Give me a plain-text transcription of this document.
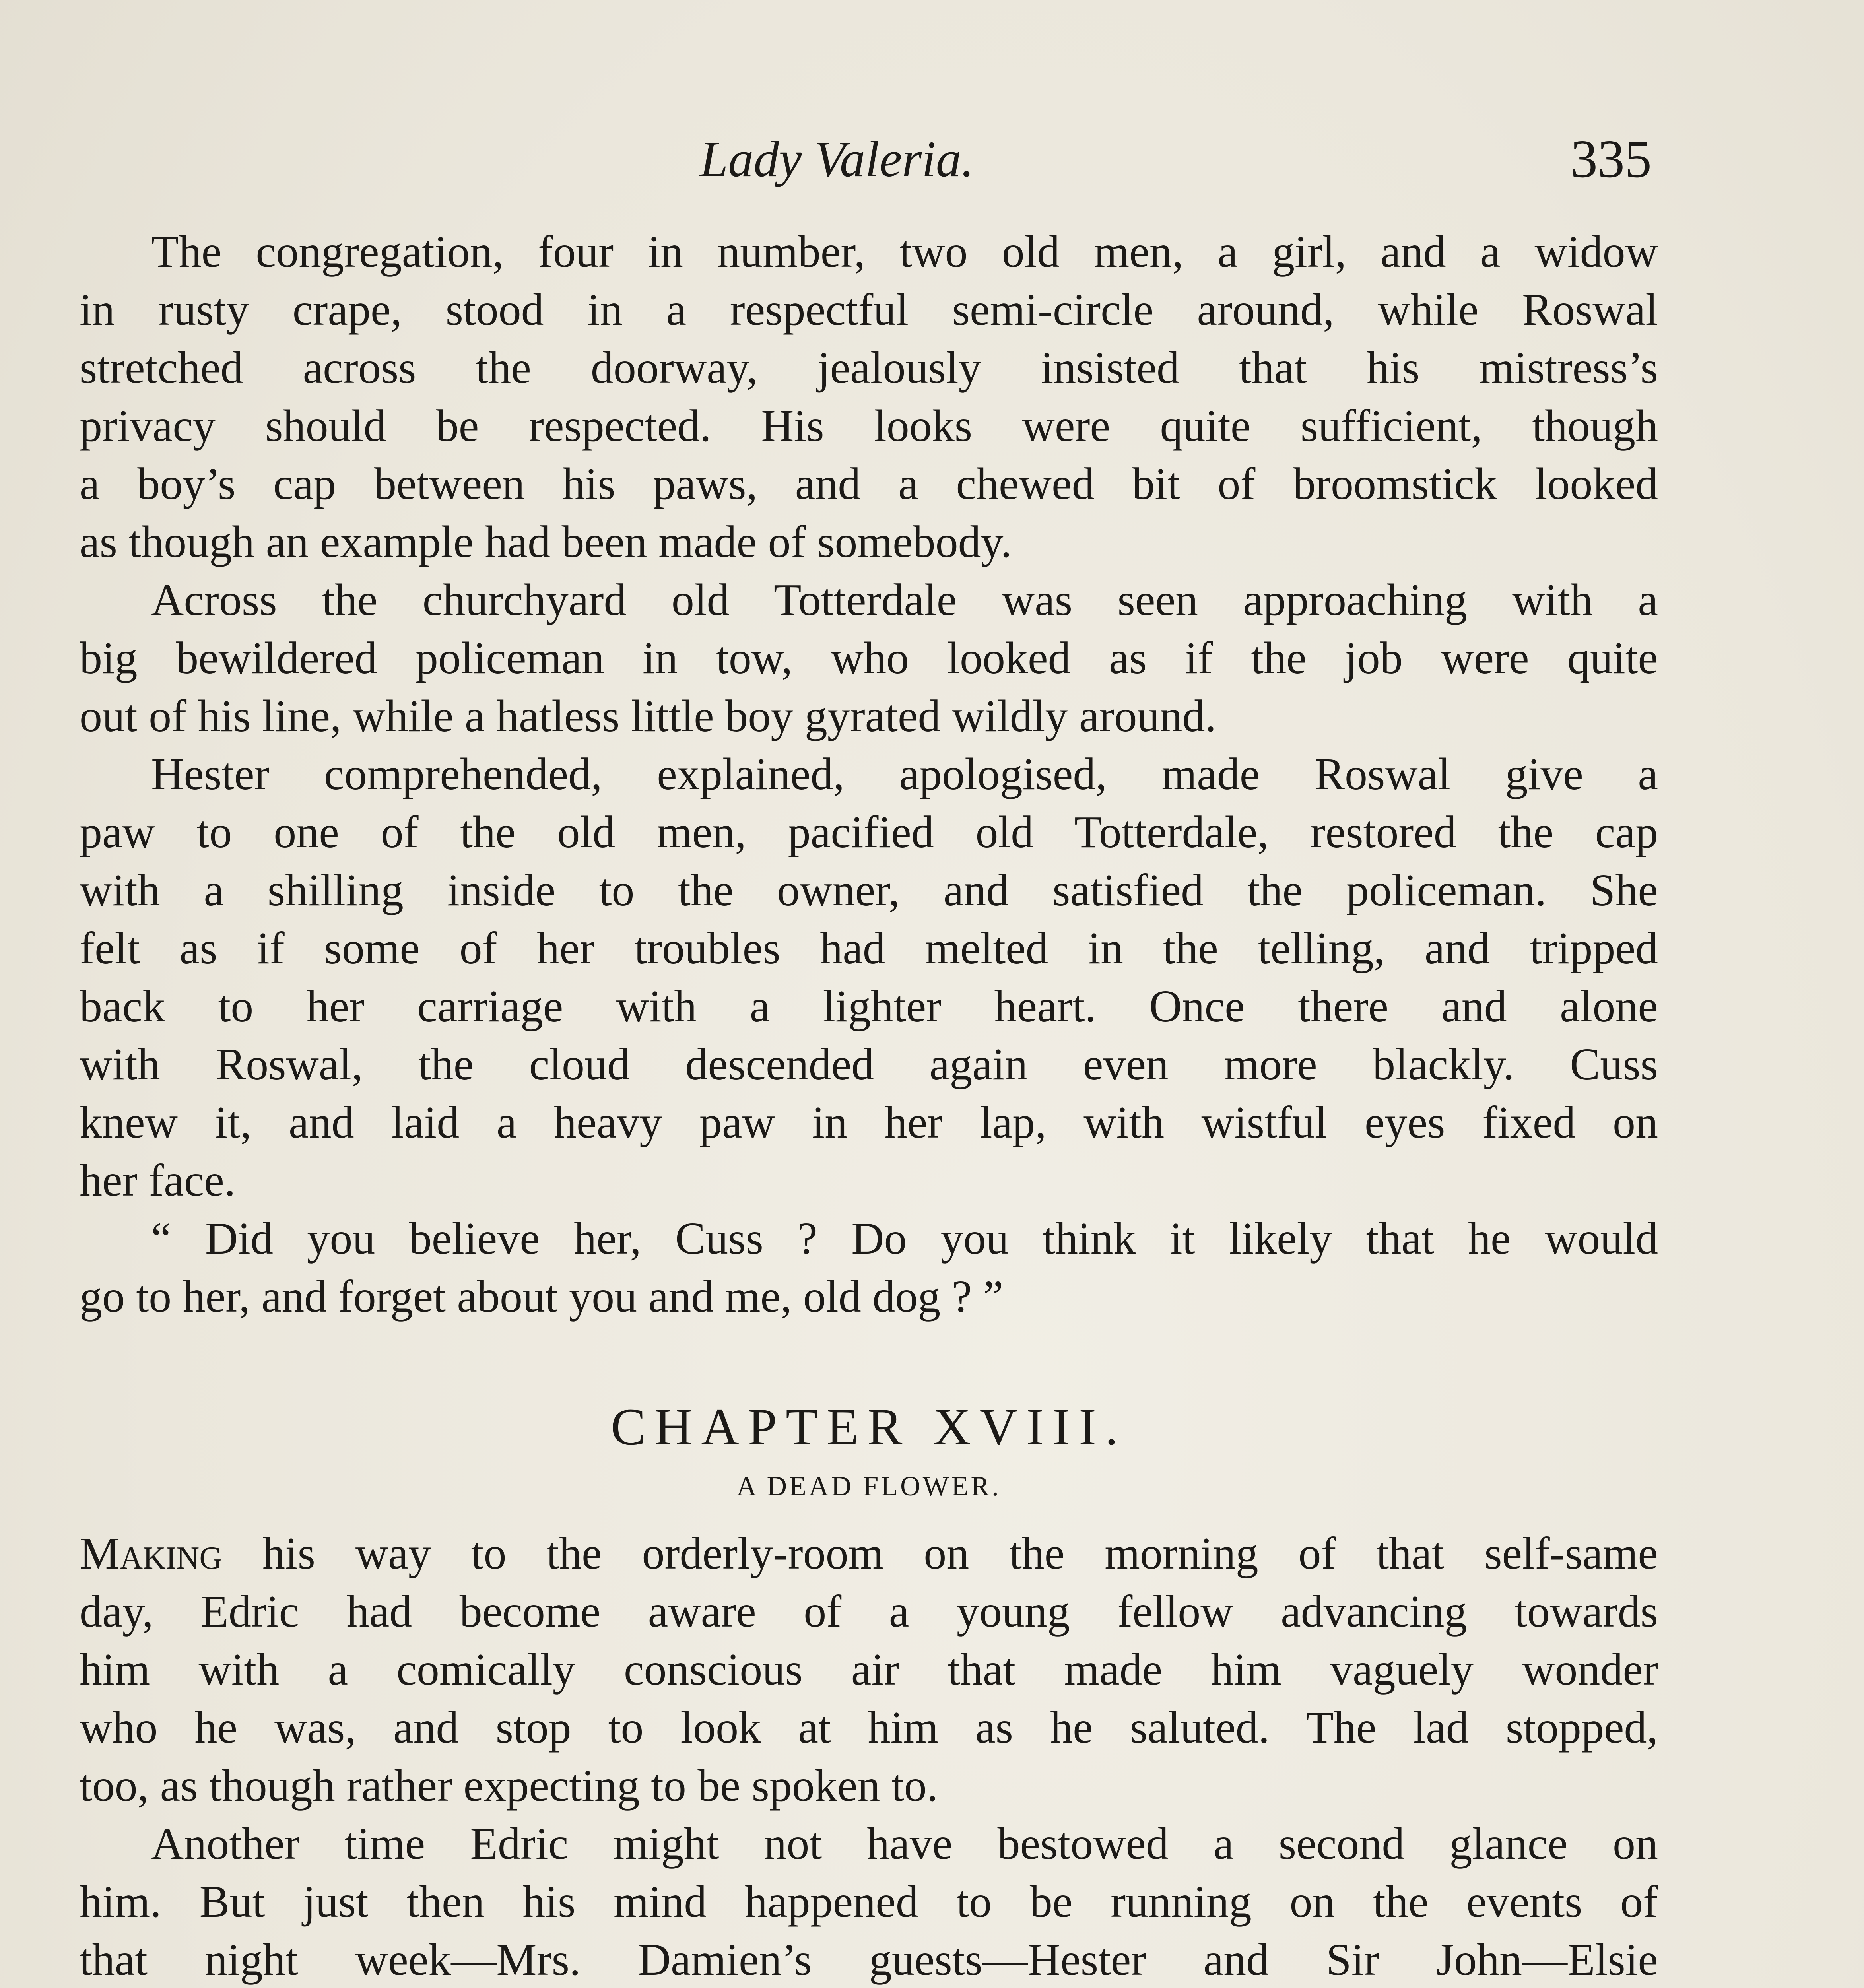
Lady Valeria.	335
The congregation, four in number, two old men, a girl, and a widow
in rusty crape, stood in a respectful semi-circle around, while Roswal
stretched across the doorway, jealously insisted that his mistress’s
privacy should be respected. His looks were quite sufficient, though
a boy’s cap between his paws, and a chewed bit of broomstick looked
as though an example had been made of somebody.
Across the churchyard old Totterdale was seen approaching with a
big bewildered policeman in tow, who looked as if the job were quite
out of his line, while a hatless little boy gyrated wildly around.
Hester comprehended, explained, apologised, made Roswal give a
paw to one of the old men, pacified old Totterdale, restored the cap
with a shilling inside to the owner, and satisfied the policeman. She
felt as if some of her troubles had melted in the telling, and tripped
back to her carriage with a lighter heart. Once there and alone
with Roswal, the cloud descended again even more blackly. Cuss
knew it, and laid a heavy paw in her lap, with wistful eyes fixed on
her face.
“ Did you believe her, Cuss ? Do you think it likely that he would
go to her, and forget about you and me, old dog ? ”
CHAPTER XVIII.
A DEAD FLOWER.
Making his way to the orderly-room on the morning of that self-same
day, Edric had become aware of a young fellow advancing towards
him with a comically conscious air that made him vaguely wonder
who he was, and stop to look at him as he saluted. The lad stopped,
too, as though rather expecting to be spoken to.
Another time Edric might not have bestowed a second glance on
him. But just then his mind happened to be running on the events of
that night week—Mrs. Damien’s guests—Hester and Sir John—Elsie
